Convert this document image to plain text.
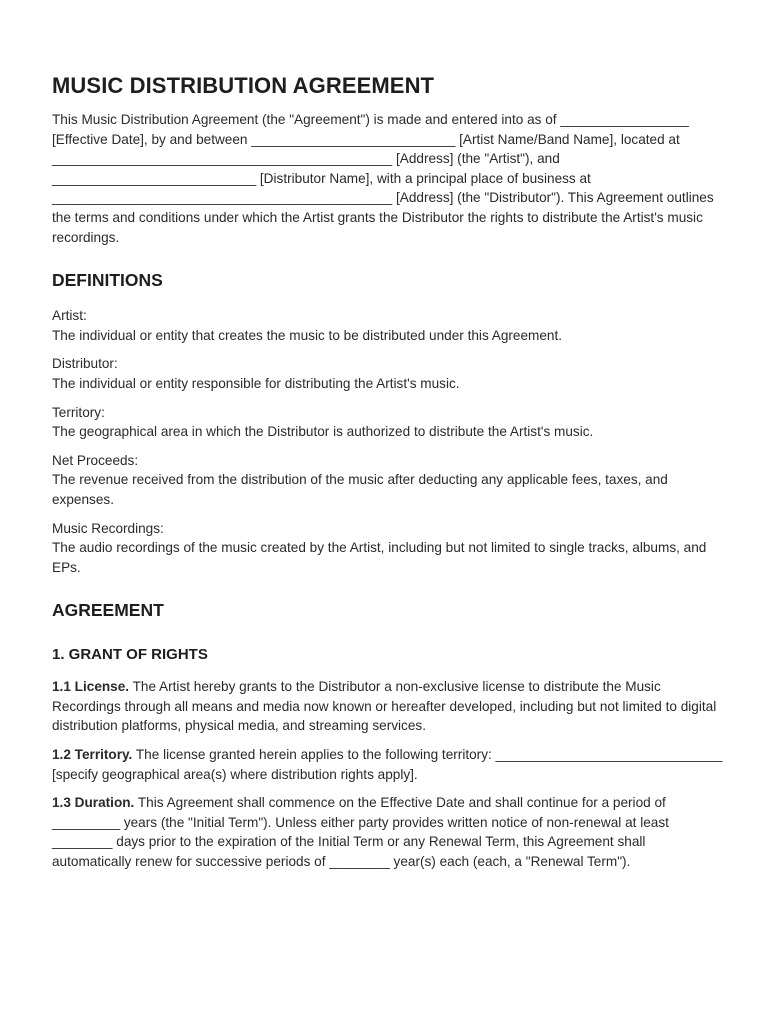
MUSIC DISTRIBUTION AGREEMENT

This Music Distribution Agreement (the "Agreement") is made and entered into as of _________________ [Effective Date], by and between ___________________________ [Artist Name/Band Name], located at _____________________________________________ [Address] (the "Artist"), and ___________________________ [Distributor Name], with a principal place of business at _____________________________________________ [Address] (the "Distributor"). This Agreement outlines the terms and conditions under which the Artist grants the Distributor the rights to distribute the Artist's music recordings.

DEFINITIONS
Artist:
The individual or entity that creates the music to be distributed under this Agreement.
Distributor:
The individual or entity responsible for distributing the Artist's music.
Territory:
The geographical area in which the Distributor is authorized to distribute the Artist's music.
Net Proceeds:
The revenue received from the distribution of the music after deducting any applicable fees, taxes, and expenses.
Music Recordings:
The audio recordings of the music created by the Artist, including but not limited to single tracks, albums, and EPs.
AGREEMENT
1. GRANT OF RIGHTS

1.1 License. The Artist hereby grants to the Distributor a non-exclusive license to distribute the Music Recordings through all means and media now known or hereafter developed, including but not limited to digital distribution platforms, physical media, and streaming services.

1.2 Territory. The license granted herein applies to the following territory: ______________________________ [specify geographical area(s) where distribution rights apply].

1.3 Duration. This Agreement shall commence on the Effective Date and shall continue for a period of _________ years (the "Initial Term"). Unless either party provides written notice of non-renewal at least ________ days prior to the expiration of the Initial Term or any Renewal Term, this Agreement shall automatically renew for successive periods of ________ year(s) each (each, a "Renewal Term").
